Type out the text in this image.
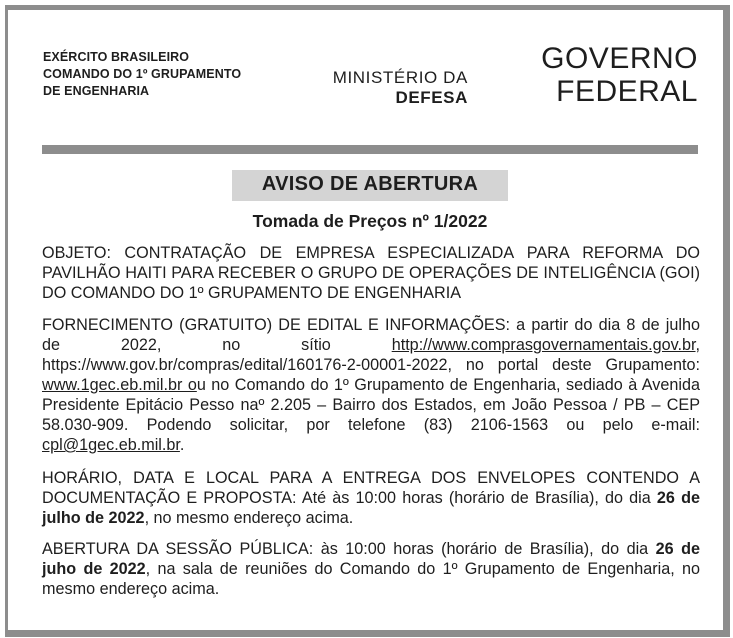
EXÉRCITO BRASILEIRO
COMANDO DO 1º GRUPAMENTO
DE ENGENHARIA
MINISTÉRIO DA
DEFESA
GOVERNO
FEDERAL
AVISO DE ABERTURA
Tomada de Preços nº 1/2022
OBJETO: CONTRATAÇÃO DE EMPRESA ESPECIALIZADA PARA REFORMA DO PAVILHÃO HAITI PARA RECEBER O GRUPO DE OPERAÇÕES DE INTELIGÊNCIA (GOI) DO COMANDO DO 1º GRUPAMENTO DE ENGENHARIA
FORNECIMENTO (GRATUITO) DE EDITAL E INFORMAÇÕES: a partir do dia 8 de julho de 2022, no sítio http://www.comprasgovernamentais.gov.br, https://www.gov.br/compras/edital/160176-2-00001-2022, no portal deste Grupamento: www.1gec.eb.mil.br ou no Comando do 1º Grupamento de Engenharia, sediado à Avenida Presidente Epitácio Pesso naº 2.205 – Bairro dos Estados, em João Pessoa / PB – CEP 58.030-909. Podendo solicitar, por telefone (83) 2106-1563 ou pelo e-mail: cpl@1gec.eb.mil.br.
HORÁRIO, DATA E LOCAL PARA A ENTREGA DOS ENVELOPES CONTENDO A DOCUMENTAÇÃO E PROPOSTA: Até às 10:00 horas (horário de Brasília), do dia 26 de julho de 2022, no mesmo endereço acima.
ABERTURA DA SESSÃO PÚBLICA: às 10:00 horas (horário de Brasília), do dia 26 de juho de 2022, na sala de reuniões do Comando do 1º Grupamento de Engenharia, no mesmo endereço acima.
